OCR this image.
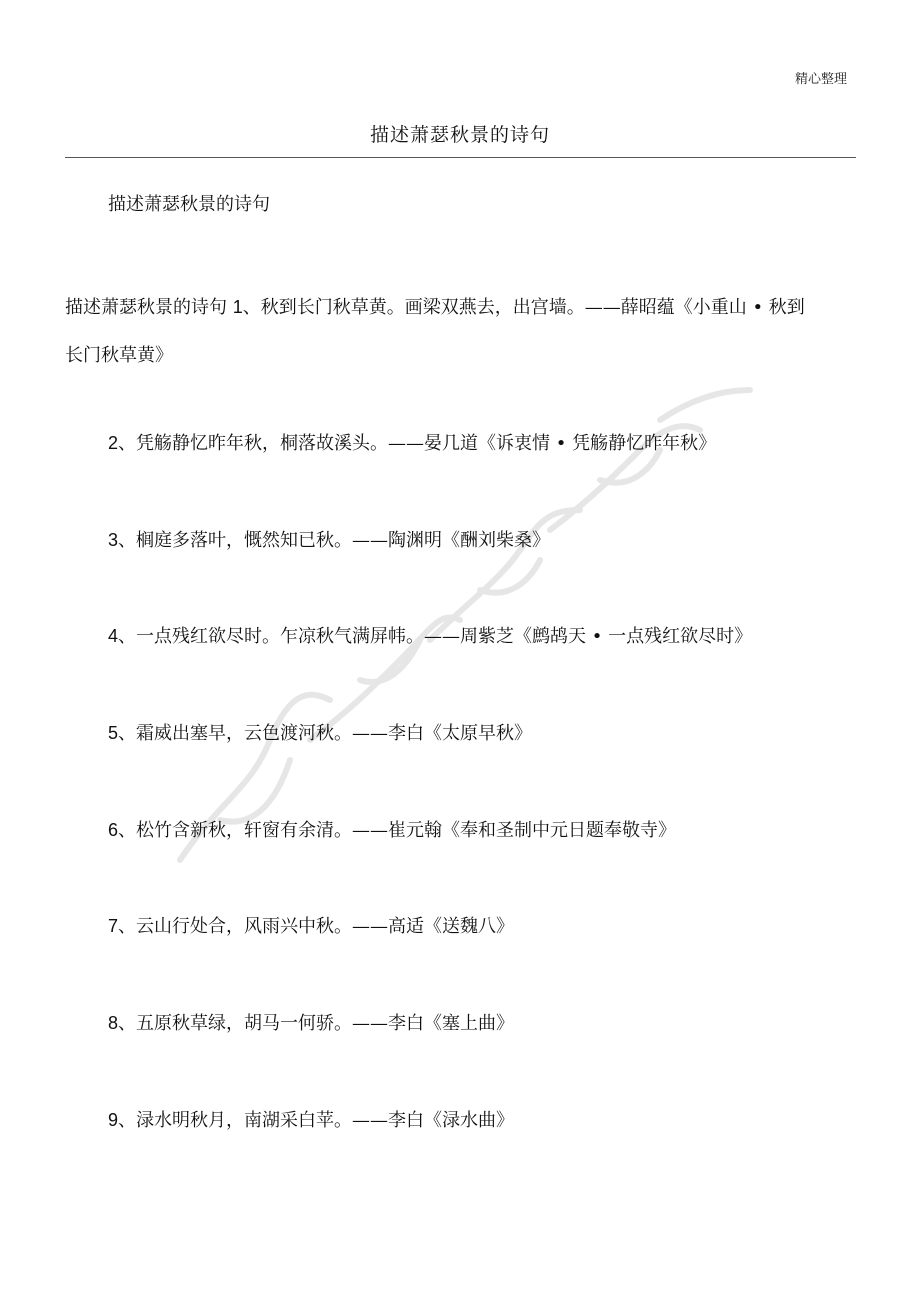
精心整理
描述萧瑟秋景的诗句
描述萧瑟秋景的诗句
描述萧瑟秋景的诗句 1、秋到长门秋草黄。画梁双燕去，出宫墙。——薛昭蕴《小重山 • 秋到长门秋草黄》
2、凭觞静忆昨年秋，桐落故溪头。——晏几道《诉衷情 • 凭觞静忆昨年秋》
3、榈庭多落叶，慨然知已秋。——陶渊明《酬刘柴桑》
4、一点残红欲尽时。乍凉秋气满屏帏。——周紫芝《鹧鸪天 • 一点残红欲尽时》
5、霜威出塞早，云色渡河秋。——李白《太原早秋》
6、松竹含新秋，轩窗有余清。——崔元翰《奉和圣制中元日题奉敬寺》
7、云山行处合，风雨兴中秋。——高适《送魏八》
8、五原秋草绿，胡马一何骄。——李白《塞上曲》
9、渌水明秋月，南湖采白苹。——李白《渌水曲》
